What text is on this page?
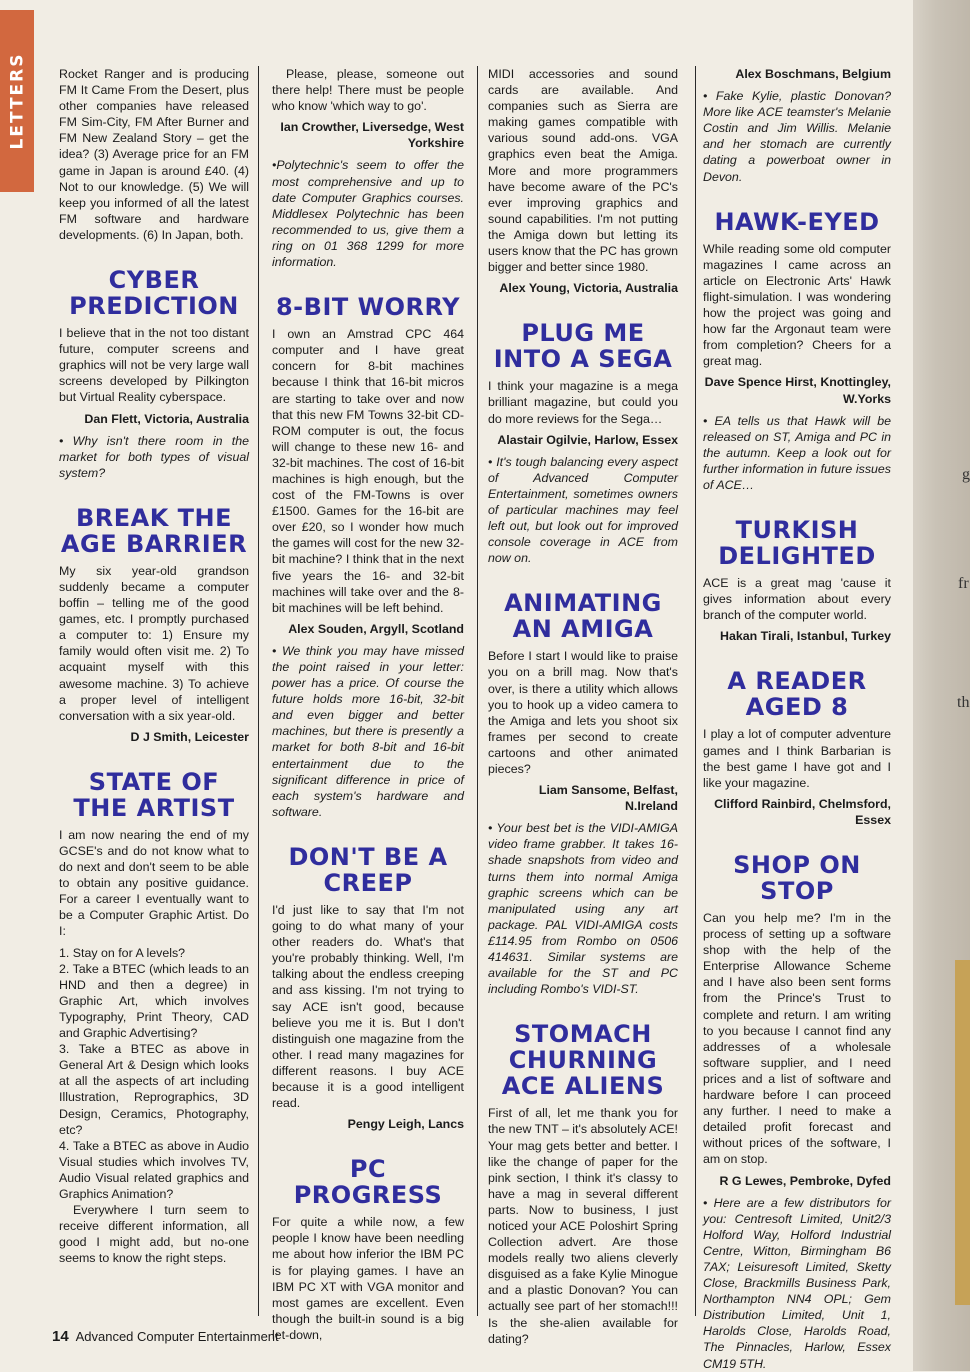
LETTERS
g
fr
th

Rocket Ranger and is producing FM It Came From the Desert, plus other companies have released FM Sim-City, FM After Burner and FM New Zealand Story – get the idea? (3) Average price for an FM game in Japan is around £40. (4) Not to our knowledge. (5) We will keep you informed of all the latest FM software and hardware developments. (6) In Japan, both.

CYBER PREDICTION

I believe that in the not too distant future, computer screens and graphics will not be very large wall screens developed by Pilkington but Virtual Reality cyberspace.

Dan Flett, Victoria, Australia

• Why isn't there room in the market for both types of visual system?

BREAK THE AGE BARRIER

My six year-old grandson suddenly became a computer boffin – telling me of the good games, etc. I promptly purchased a computer to: 1) Ensure my family would often visit me. 2) To acquaint myself with this awesome machine. 3) To achieve a proper level of intelligent conversation with a six year-old.

D J Smith, Leicester
STATE OF THE ARTIST

I am now nearing the end of my GCSE's and do not know what to do next and don't seem to be able to obtain any positive guidance. For a career I eventually want to be a Computer Graphic Artist. Do I:

1. Stay on for A levels?

2. Take a BTEC (which leads to an HND and then a degree) in Graphic Art, which involves Typography, Print Theory, CAD and Graphic Advertising?

3. Take a BTEC as above in General Art & Design which looks at all the aspects of art including Illustration, Reprographics, 3D Design, Ceramics, Photography, etc?

4. Take a BTEC as above in Audio Visual studies which involves TV, Audio Visual related graphics and Graphics Animation?

Everywhere I turn seem to receive different information, all good I might add, but no-one seems to know the right steps.

Please, please, someone out there help! There must be people who know 'which way to go'.

Ian Crowther, Liversedge, West Yorkshire

•Polytechnic's seem to offer the most comprehensive and up to date Computer Graphics courses. Middlesex Polytechnic has been recommended to us, give them a ring on 01 368 1299 for more information.

8-BIT WORRY

I own an Amstrad CPC 464 computer and I have great concern for 8-bit machines because I think that 16-bit micros are starting to take over and now that this new FM Towns 32-bit CD-ROM computer is out, the focus will change to these new 16- and 32-bit machines. The cost of 16-bit machines is high enough, but the cost of the FM-Towns is over £1500. Games for the 16-bit are over £20, so I wonder how much the games will cost for the new 32-bit machine? I think that in the next five years the 16- and 32-bit machines will take over and the 8-bit machines will be left behind.

Alex Souden, Argyll, Scotland

• We think you may have missed the point raised in your letter: power has a price. Of course the future holds more 16-bit, 32-bit and even bigger and better machines, but there is presently a market for both 8-bit and 16-bit entertainment due to the significant difference in price of each system's hardware and software.

DON'T BE A CREEP

I'd just like to say that I'm not going to do what many of your other readers do. What's that you're probably thinking. Well, I'm talking about the endless creeping and ass kissing. I'm not trying to say ACE isn't good, because believe you me it is. But I don't distinguish one magazine from the other. I read many magazines for different reasons. I buy ACE because it is a good intelligent read.

Pengy Leigh, Lancs
PC PROGRESS

For quite a while now, a few people I know have been needling me about how inferior the IBM PC is for playing games. I have an IBM PC XT with VGA monitor and most games are excellent. Even though the built-in sound is a big let-down,

MIDI accessories and sound cards are available. And companies such as Sierra are making games compatible with various sound add-ons. VGA graphics even beat the Amiga. More and more programmers have become aware of the PC's ever improving graphics and sound capabilities. I'm not putting the Amiga down but letting its users know that the PC has grown bigger and better since 1980.

Alex Young, Victoria, Australia
PLUG ME INTO A SEGA

I think your magazine is a mega brilliant magazine, but could you do more reviews for the Sega…

Alastair Ogilvie, Harlow, Essex

• It's tough balancing every aspect of Advanced Computer Entertainment, sometimes owners of particular machines may feel left out, but look out for improved console coverage in ACE from now on.

ANIMATING AN AMIGA

Before I start I would like to praise you on a brill mag. Now that's over, is there a utility which allows you to hook up a video camera to the Amiga and lets you shoot six frames per second to create cartoons and other animated pieces?

Liam Sansome, Belfast, N.Ireland

• Your best bet is the VIDI-AMIGA video frame grabber. It takes 16-shade snapshots from video and turns them into normal Amiga graphic screens which can be manipulated using any art package. PAL VIDI-AMIGA costs £114.95 from Rombo on 0506 414631. Similar systems are available for the ST and PC including Rombo's VIDI-ST.

STOMACH CHURNING ACE ALIENS

First of all, let me thank you for the new TNT – it's absolutely ACE! Your mag gets better and better. I like the change of paper for the pink section, I think it's classy to have a mag in several different parts. Now to business, I just noticed your ACE Poloshirt Spring Collection advert. Are those models really two aliens cleverly disguised as a fake Kylie Minogue and a plastic Donovan? You can actually see part of her stomach!!! Is the she-alien available for dating?

Alex Boschmans, Belgium

• Fake Kylie, plastic Donovan? More like ACE teamster's Melanie Costin and Jim Willis. Melanie and her stomach are currently dating a powerboat owner in Devon.

HAWK-EYED

While reading some old computer magazines I came across an article on Electronic Arts' Hawk flight-simulation. I was wondering how the project was going and how far the Argonaut team were from completion? Cheers for a great mag.

Dave Spence Hirst, Knottingley, W.Yorks

• EA tells us that Hawk will be released on ST, Amiga and PC in the autumn. Keep a look out for further information in future issues of ACE…

TURKISH DELIGHTED

ACE is a great mag 'cause it gives information about every branch of the computer world.

Hakan Tirali, Istanbul, Turkey
A READER AGED 8

I play a lot of computer adventure games and I think Barbarian is the best game I have got and I like your magazine.

Clifford Rainbird, Chelmsford, Essex
SHOP ON STOP

Can you help me? I'm in the process of setting up a software shop with the help of the Enterprise Allowance Scheme and I have also been sent forms from the Prince's Trust to complete and return. I am writing to you because I cannot find any addresses of a wholesale software supplier, and I need prices and a list of software and hardware before I can proceed any further. I need to make a detailed profit forecast and without prices of the software, I am on stop.

R G Lewes, Pembroke, Dyfed

• Here are a few distributors for you: Centresoft Limited, Unit2/3 Holford Way, Holford Industrial Centre, Witton, Birmingham B6 7AX; Leisuresoft Limited, Sketty Close, Brackmills Business Park, Northampton NN4 OPL; Gem Distribution Limited, Unit 1, Harolds Close, Harolds Road, The Pinnacles, Harlow, Essex CM19 5TH.

14 Advanced Computer Entertainment
